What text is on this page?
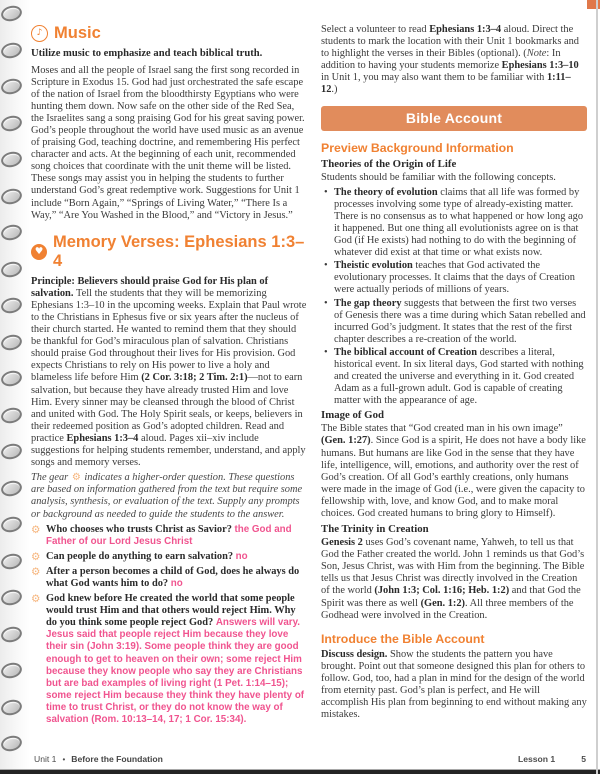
♪ Music

Utilize music to emphasize and teach biblical truth.

Moses and all the people of Israel sang the first song recorded in Scripture in Exodus 15. God had just orchestrated the safe escape of the nation of Israel from the bloodthirsty Egyptians who were hunting them down. Now safe on the other side of the Red Sea, the Israelites sang a song praising God for his great saving power. God’s people throughout the world have used music as an avenue of praising God, teaching doctrine, and remembering His perfect character and acts. At the beginning of each unit, recommended song choices that coordinate with the unit theme will be listed. These songs may assist you in helping the students to further understand God’s great redemptive work. Suggestions for Unit 1 include “Born Again,” “Springs of Living Water,” “There Is a Way,” “Are You Washed in the Blood,” and “Victory in Jesus.”

♥
Memory Verses: Ephesians 1:3–4

Principle: Believers should praise God for His plan of salvation. Tell the students that they will be memorizing Ephesians 1:3–10 in the upcoming weeks. Explain that Paul wrote to the Christians in Ephesus five or six years after the nucleus of their church started. He wanted to remind them that they should be thankful for God’s miraculous plan of salvation. Christians should praise God throughout their lives for His provision. God expects Christians to rely on His power to live a holy and blameless life before Him (2 Cor. 3:18; 2 Tim. 2:1)—not to earn salvation, but because they have already trusted Him and love Him. Every sinner may be cleansed through the blood of Christ and united with God. The Holy Spirit seals, or keeps, believers in their redeemed position as God’s adopted children. Read and practice Ephesians 1:3–4 aloud. Pages xii–xiv include suggestions for helping students remember, understand, and apply songs and memory verses.

The gear ⚙ indicates a higher-order question. These questions are based on information gathered from the text but require some analysis, synthesis, or evaluation of the text. Supply any prompts or background as needed to guide the students to the answer.

⚙ Who chooses who trusts Christ as Savior? the God and Father of our Lord Jesus Christ
⚙ Can people do anything to earn salvation? no
⚙ After a person becomes a child of God, does he always do what God wants him to do? no
⚙ God knew before He created the world that some people would trust Him and that others would reject Him. Why do you think some people reject God? Answers will vary. Jesus said that people reject Him because they love their sin (John 3:19). Some people think they are good enough to get to heaven on their own; some reject Him because they know people who say they are Christians but are bad examples of living right (1 Pet. 1:14–15); some reject Him because they think they have plenty of time to trust Christ, or they do not know the way of salvation (Rom. 10:13–14, 17; 1 Cor. 15:34).

Select a volunteer to read Ephesians 1:3–4 aloud. Direct the students to mark the location with their Unit 1 bookmarks and to highlight the verses in their Bibles (optional). (Note: In addition to having your students memorize Ephesians 1:3–10 in Unit 1, you may also want them to be familiar with 1:11–12.)

Bible Account
Preview Background Information
Theories of the Origin of Life

Students should be familiar with the following concepts.

• The theory of evolution claims that all life was formed by processes involving some type of already-existing matter. There is no consensus as to what happened or how long ago it happened. But one thing all evolutionists agree on is that God (if He exists) had nothing to do with the beginning of whatever did exist at that time or what exists now.
• Theistic evolution teaches that God activated the evolutionary processes. It claims that the days of Creation were actually periods of millions of years.
• The gap theory suggests that between the first two verses of Genesis there was a time during which Satan rebelled and incurred God’s judgment. It states that the rest of the first chapter describes a re-creation of the world.
• The biblical account of Creation describes a literal, historical event. In six literal days, God started with nothing and created the universe and everything in it. God created Adam as a full-grown adult. God is capable of creating matter with the appearance of age.
Image of God

The Bible states that “God created man in his own image” (Gen. 1:27). Since God is a spirit, He does not have a body like humans. But humans are like God in the sense that they have life, intelligence, will, emotions, and authority over the rest of God’s creation. Of all God’s earthly creations, only humans were made in the image of God (i.e., were given the capacity to fellowship with, love, and know God, and to make moral choices. God created humans to bring glory to Himself).

The Trinity in Creation

Genesis 2 uses God’s covenant name, Yahweh, to tell us that God the Father created the world. John 1 reminds us that God’s Son, Jesus Christ, was with Him from the beginning. The Bible tells us that Jesus Christ was directly involved in the Creation of the world (John 1:3; Col. 1:16; Heb. 1:2) and that God the Spirit was there as well (Gen. 1:2). All three members of the Godhead were involved in the Creation.

Introduce the Bible Account

Discuss design. Show the students the pattern you have brought. Point out that someone designed this plan for others to follow. God, too, had a plan in mind for the design of the world from eternity past. God’s plan is perfect, and He will accomplish His plan from beginning to end without making any mistakes.

Unit 1 • Before the Foundation	Lesson 1	5
